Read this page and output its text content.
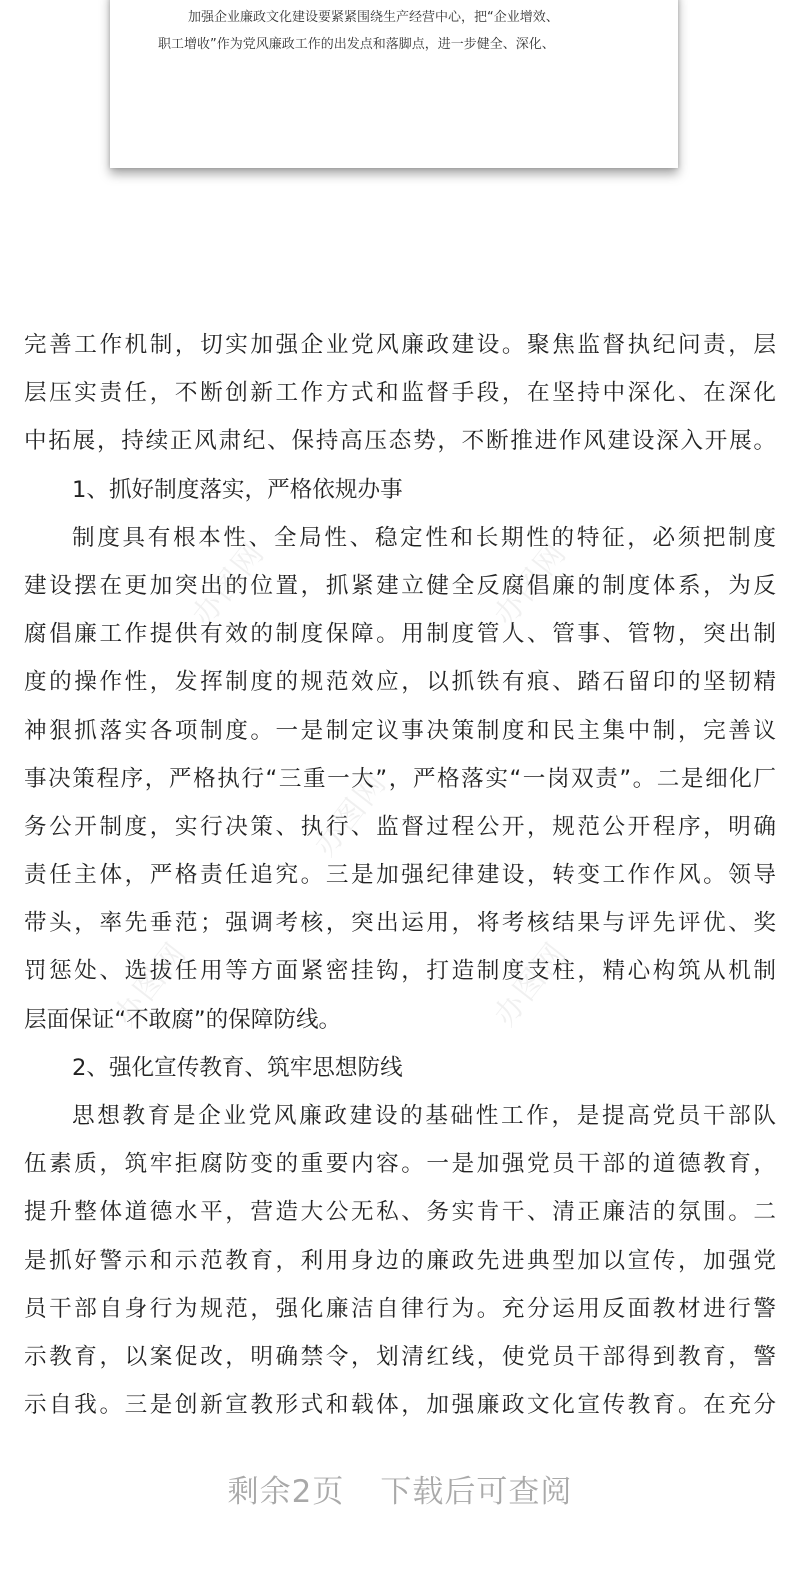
加强企业廉政文化建设要紧紧围绕生产经营中心，把“企业增效、

职工增收”作为党风廉政工作的出发点和落脚点，进一步健全、深化、

办图网	办图网
办图网
办图网	办图网
完善工作机制，切实加强企业党风廉政建设。聚焦监督执纪问责，层
层压实责任，不断创新工作方式和监督手段，在坚持中深化、在深化
中拓展，持续正风肃纪、保持高压态势，不断推进作风建设深入开展。
1、抓好制度落实，严格依规办事
制度具有根本性、全局性、稳定性和长期性的特征，必须把制度
建设摆在更加突出的位置，抓紧建立健全反腐倡廉的制度体系，为反
腐倡廉工作提供有效的制度保障。用制度管人、管事、管物，突出制
度的操作性，发挥制度的规范效应，以抓铁有痕、踏石留印的坚韧精
神狠抓落实各项制度。一是制定议事决策制度和民主集中制，完善议
事决策程序，严格执行“三重一大”，严格落实“一岗双责”。二是细化厂
务公开制度，实行决策、执行、监督过程公开，规范公开程序，明确
责任主体，严格责任追究。三是加强纪律建设，转变工作作风。领导
带头，率先垂范；强调考核，突出运用，将考核结果与评先评优、奖
罚惩处、选拔任用等方面紧密挂钩，打造制度支柱，精心构筑从机制
层面保证“不敢腐”的保障防线。
2、强化宣传教育、筑牢思想防线
思想教育是企业党风廉政建设的基础性工作，是提高党员干部队
伍素质，筑牢拒腐防变的重要内容。一是加强党员干部的道德教育，
提升整体道德水平，营造大公无私、务实肯干、清正廉洁的氛围。二
是抓好警示和示范教育，利用身边的廉政先进典型加以宣传，加强党
员干部自身行为规范，强化廉洁自律行为。充分运用反面教材进行警
示教育，以案促改，明确禁令，划清红线，使党员干部得到教育，警
示自我。三是创新宣教形式和载体，加强廉政文化宣传教育。在充分
剩余2页 下载后可查阅
